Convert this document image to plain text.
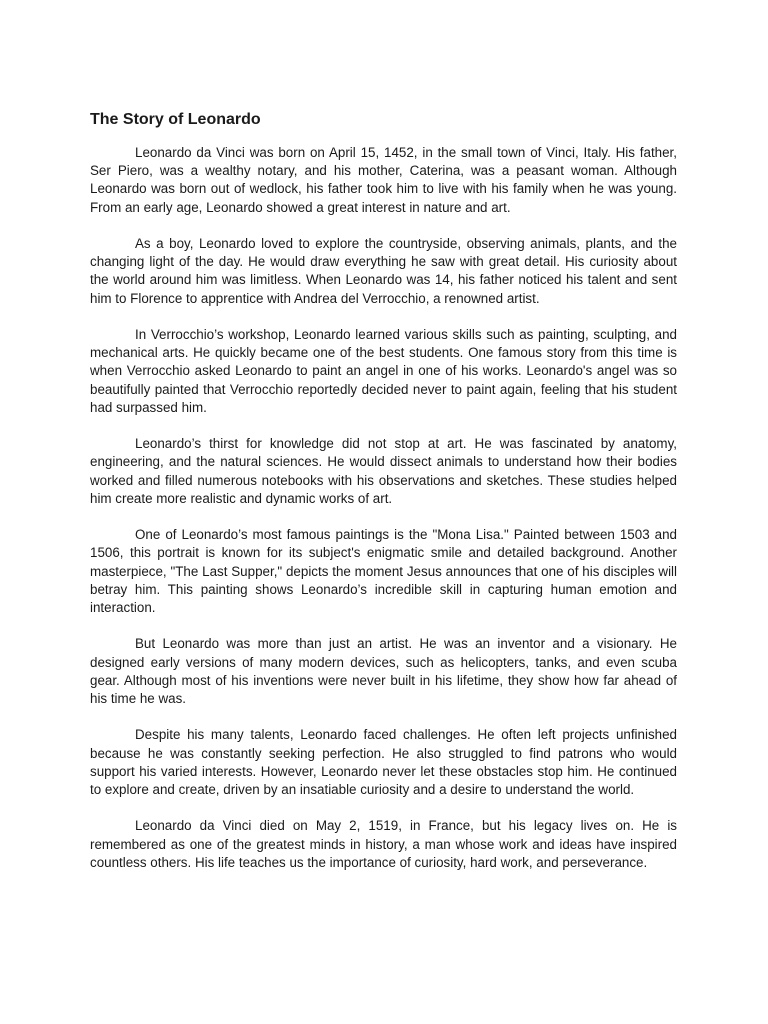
The Story of Leonardo

Leonardo da Vinci was born on April 15, 1452, in the small town of Vinci, Italy. His father, Ser Piero, was a wealthy notary, and his mother, Caterina, was a peasant woman. Although Leonardo was born out of wedlock, his father took him to live with his family when he was young. From an early age, Leonardo showed a great interest in nature and art.

As a boy, Leonardo loved to explore the countryside, observing animals, plants, and the changing light of the day. He would draw everything he saw with great detail. His curiosity about the world around him was limitless. When Leonardo was 14, his father noticed his talent and sent him to Florence to apprentice with Andrea del Verrocchio, a renowned artist.

In Verrocchio’s workshop, Leonardo learned various skills such as painting, sculpting, and mechanical arts. He quickly became one of the best students. One famous story from this time is when Verrocchio asked Leonardo to paint an angel in one of his works. Leonardo's angel was so beautifully painted that Verrocchio reportedly decided never to paint again, feeling that his student had surpassed him.

Leonardo’s thirst for knowledge did not stop at art. He was fascinated by anatomy, engineering, and the natural sciences. He would dissect animals to understand how their bodies worked and filled numerous notebooks with his observations and sketches. These studies helped him create more realistic and dynamic works of art.

One of Leonardo’s most famous paintings is the "Mona Lisa." Painted between 1503 and 1506, this portrait is known for its subject's enigmatic smile and detailed background. Another masterpiece, "The Last Supper," depicts the moment Jesus announces that one of his disciples will betray him. This painting shows Leonardo’s incredible skill in capturing human emotion and interaction.

But Leonardo was more than just an artist. He was an inventor and a visionary. He designed early versions of many modern devices, such as helicopters, tanks, and even scuba gear. Although most of his inventions were never built in his lifetime, they show how far ahead of his time he was.

Despite his many talents, Leonardo faced challenges. He often left projects unfinished because he was constantly seeking perfection. He also struggled to find patrons who would support his varied interests. However, Leonardo never let these obstacles stop him. He continued to explore and create, driven by an insatiable curiosity and a desire to understand the world.

Leonardo da Vinci died on May 2, 1519, in France, but his legacy lives on. He is remembered as one of the greatest minds in history, a man whose work and ideas have inspired countless others. His life teaches us the importance of curiosity, hard work, and perseverance.
